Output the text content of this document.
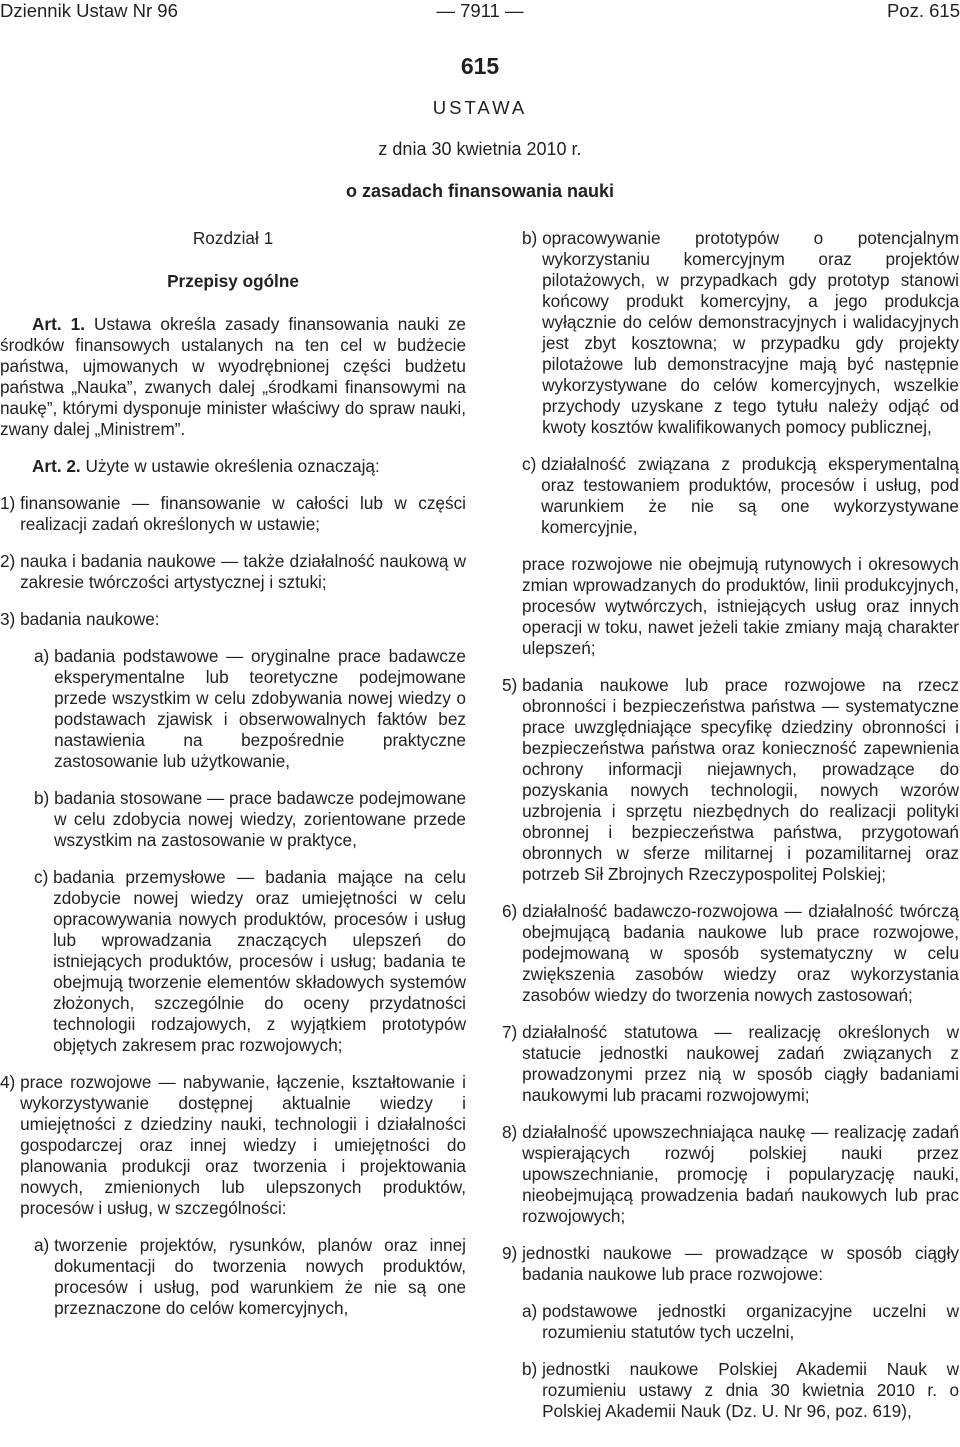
Dziennik Ustaw Nr 96	— 7911 —	Poz. 615
615
USTAWA
z dnia 30 kwietnia 2010 r.
o zasadach finansowania nauki
Rozdział 1
Przepisy ogólne

Art. 1. Ustawa określa zasady finansowania nauki ze środków finansowych ustalanych na ten cel w budżecie państwa, ujmowanych w wyodrębnionej części budżetu państwa „Nauka”, zwanych dalej „środkami finansowymi na naukę”, którymi dysponuje minister właściwy do spraw nauki, zwany dalej „Ministrem”.

Art. 2. Użyte w ustawie określenia oznaczają:

1) finansowanie — finansowanie w całości lub w części realizacji zadań określonych w ustawie;
2) nauka i badania naukowe — także działalność naukową w zakresie twórczości artystycznej i sztuki;
3) badania naukowe:
a) badania podstawowe — oryginalne prace badawcze eksperymentalne lub teoretyczne podejmowane przede wszystkim w celu zdobywania nowej wiedzy o podstawach zjawisk i obserwowalnych faktów bez nastawienia na bezpośrednie praktyczne zastosowanie lub użytkowanie,
b) badania stosowane — prace badawcze podejmowane w celu zdobycia nowej wiedzy, zorientowane przede wszystkim na zastosowanie w praktyce,
c) badania przemysłowe — badania mające na celu zdobycie nowej wiedzy oraz umiejętności w celu opracowywania nowych produktów, procesów i usług lub wprowadzania znaczących ulepszeń do istniejących produktów, procesów i usług; badania te obejmują tworzenie elementów składowych systemów złożonych, szczególnie do oceny przydatności technologii rodzajowych, z wyjątkiem prototypów objętych zakresem prac rozwojowych;
4) prace rozwojowe — nabywanie, łączenie, kształtowanie i wykorzystywanie dostępnej aktualnie wiedzy i umiejętności z dziedziny nauki, technologii i działalności gospodarczej oraz innej wiedzy i umiejętności do planowania produkcji oraz tworzenia i projektowania nowych, zmienionych lub ulepszonych produktów, procesów i usług, w szczególności:
a) tworzenie projektów, rysunków, planów oraz innej dokumentacji do tworzenia nowych produktów, procesów i usług, pod warunkiem że nie są one przeznaczone do celów komercyjnych,
b) opracowywanie prototypów o potencjalnym wykorzystaniu komercyjnym oraz projektów pilotażowych, w przypadkach gdy prototyp stanowi końcowy produkt komercyjny, a jego produkcja wyłącznie do celów demonstracyjnych i walidacyjnych jest zbyt kosztowna; w przypadku gdy projekty pilotażowe lub demonstracyjne mają być następnie wykorzystywane do celów komercyjnych, wszelkie przychody uzyskane z tego tytułu należy odjąć od kwoty kosztów kwalifikowanych pomocy publicznej,
c) działalność związana z produkcją eksperymentalną oraz testowaniem produktów, procesów i usług, pod warunkiem że nie są one wykorzystywane komercyjnie,

prace rozwojowe nie obejmują rutynowych i okresowych zmian wprowadzanych do produktów, linii produkcyjnych, procesów wytwórczych, istniejących usług oraz innych operacji w toku, nawet jeżeli takie zmiany mają charakter ulepszeń;

5) badania naukowe lub prace rozwojowe na rzecz obronności i bezpieczeństwa państwa — systematyczne prace uwzględniające specyfikę dziedziny obronności i bezpieczeństwa państwa oraz konieczność zapewnienia ochrony informacji niejawnych, prowadzące do pozyskania nowych technologii, nowych wzorów uzbrojenia i sprzętu niezbędnych do realizacji polityki obronnej i bezpieczeństwa państwa, przygotowań obronnych w sferze militarnej i pozamilitarnej oraz potrzeb Sił Zbrojnych Rzeczypospolitej Polskiej;
6) działalność badawczo-rozwojowa — działalność twórczą obejmującą badania naukowe lub prace rozwojowe, podejmowaną w sposób systematyczny w celu zwiększenia zasobów wiedzy oraz wykorzystania zasobów wiedzy do tworzenia nowych zastosowań;
7) działalność statutowa — realizację określonych w statucie jednostki naukowej zadań związanych z prowadzonymi przez nią w sposób ciągły badaniami naukowymi lub pracami rozwojowymi;
8) działalność upowszechniająca naukę — realizację zadań wspierających rozwój polskiej nauki przez upowszechnianie, promocję i popularyzację nauki, nieobejmującą prowadzenia badań naukowych lub prac rozwojowych;
9) jednostki naukowe — prowadzące w sposób ciągły badania naukowe lub prace rozwojowe:
a) podstawowe jednostki organizacyjne uczelni w rozumieniu statutów tych uczelni,
b) jednostki naukowe Polskiej Akademii Nauk w rozumieniu ustawy z dnia 30 kwietnia 2010 r. o Polskiej Akademii Nauk (Dz. U. Nr 96, poz. 619),
